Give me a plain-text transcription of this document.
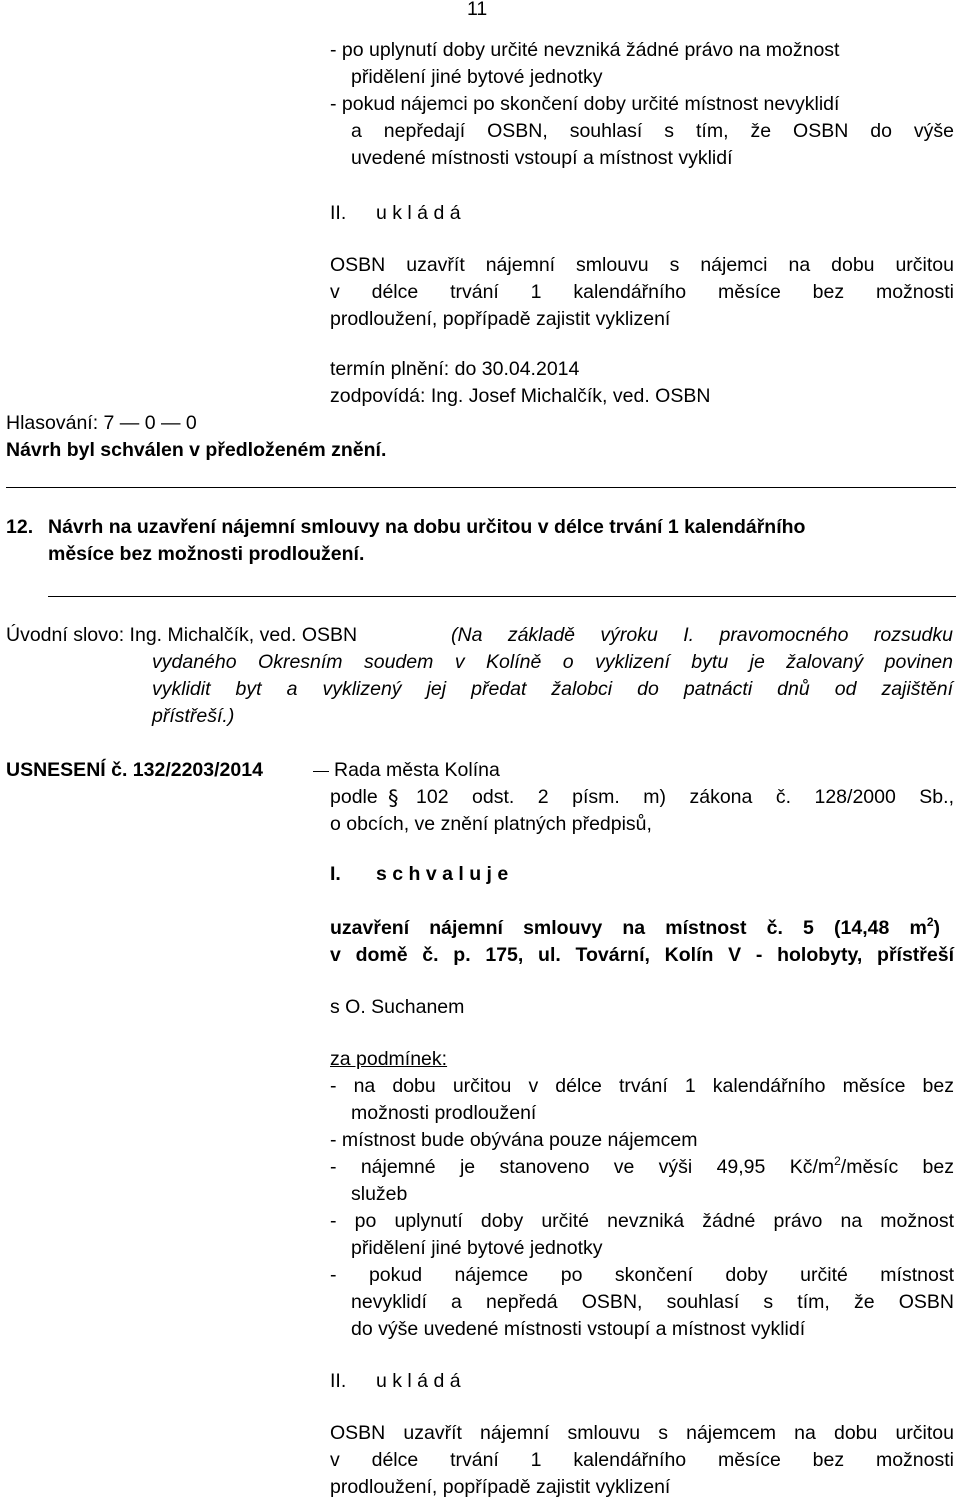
11
- po uplynutí doby určité nevzniká žádné právo na možnost
přidělení jiné bytové jednotky
- pokud nájemci po skončení doby určité místnost nevyklidí
a nepředají OSBN, souhlasí s tím, že OSBN do výše
uvedené místnosti vstoupí a místnost vyklidí
II. u k l á d á
OSBN uzavřít nájemní smlouvu s nájemci na dobu určitou
v délce trvání 1 kalendářního měsíce bez možnosti
prodloužení, popřípadě zajistit vyklizení
termín plnění: do 30.04.2014
zodpovídá: Ing. Josef Michalčík, ved. OSBN
Hlasování: 7 — 0 — 0
Návrh byl schválen v předloženém znění.
12. Návrh na uzavření nájemní smlouvy na dobu určitou v délce trvání 1 kalendářního
měsíce bez možnosti prodloužení.
Úvodní slovo: Ing. Michalčík, ved. OSBN	(Na základě výroku I. pravomocného rozsudku
vydaného Okresním soudem v Kolíně o vyklizení bytu je žalovaný povinen
vyklidit byt a vyklizený jej předat žalobci do patnácti dnů od zajištění
přístřeší.)
USNESENÍ č. 132/2203/2014	Rada města Kolína
podle § 102 odst. 2 písm. m) zákona č. 128/2000 Sb.,
o obcích, ve znění platných předpisů,
I. s c h v a l u j e
uzavření nájemní smlouvy na místnost č. 5 (14,48 $m^2$)
v domě č. p. 175, ul. Tovární, Kolín V - holobyty, přístřeší
s O. Suchanem
za podmínek:
- na dobu určitou v délce trvání 1 kalendářního měsíce bez
možnosti prodloužení
- místnost bude obývána pouze nájemcem
- nájemné je stanoveno ve výši 49,95 $Kč/m^2$/měsíc bez
služeb
- po uplynutí doby určité nevzniká žádné právo na možnost
přidělení jiné bytové jednotky
- pokud nájemce po skončení doby určité místnost
nevyklidí a nepředá OSBN, souhlasí s tím, že OSBN
do výše uvedené místnosti vstoupí a místnost vyklidí
II. u k l á d á
OSBN uzavřít nájemní smlouvu s nájemcem na dobu určitou
v délce trvání 1 kalendářního měsíce bez možnosti
prodloužení, popřípadě zajistit vyklizení
